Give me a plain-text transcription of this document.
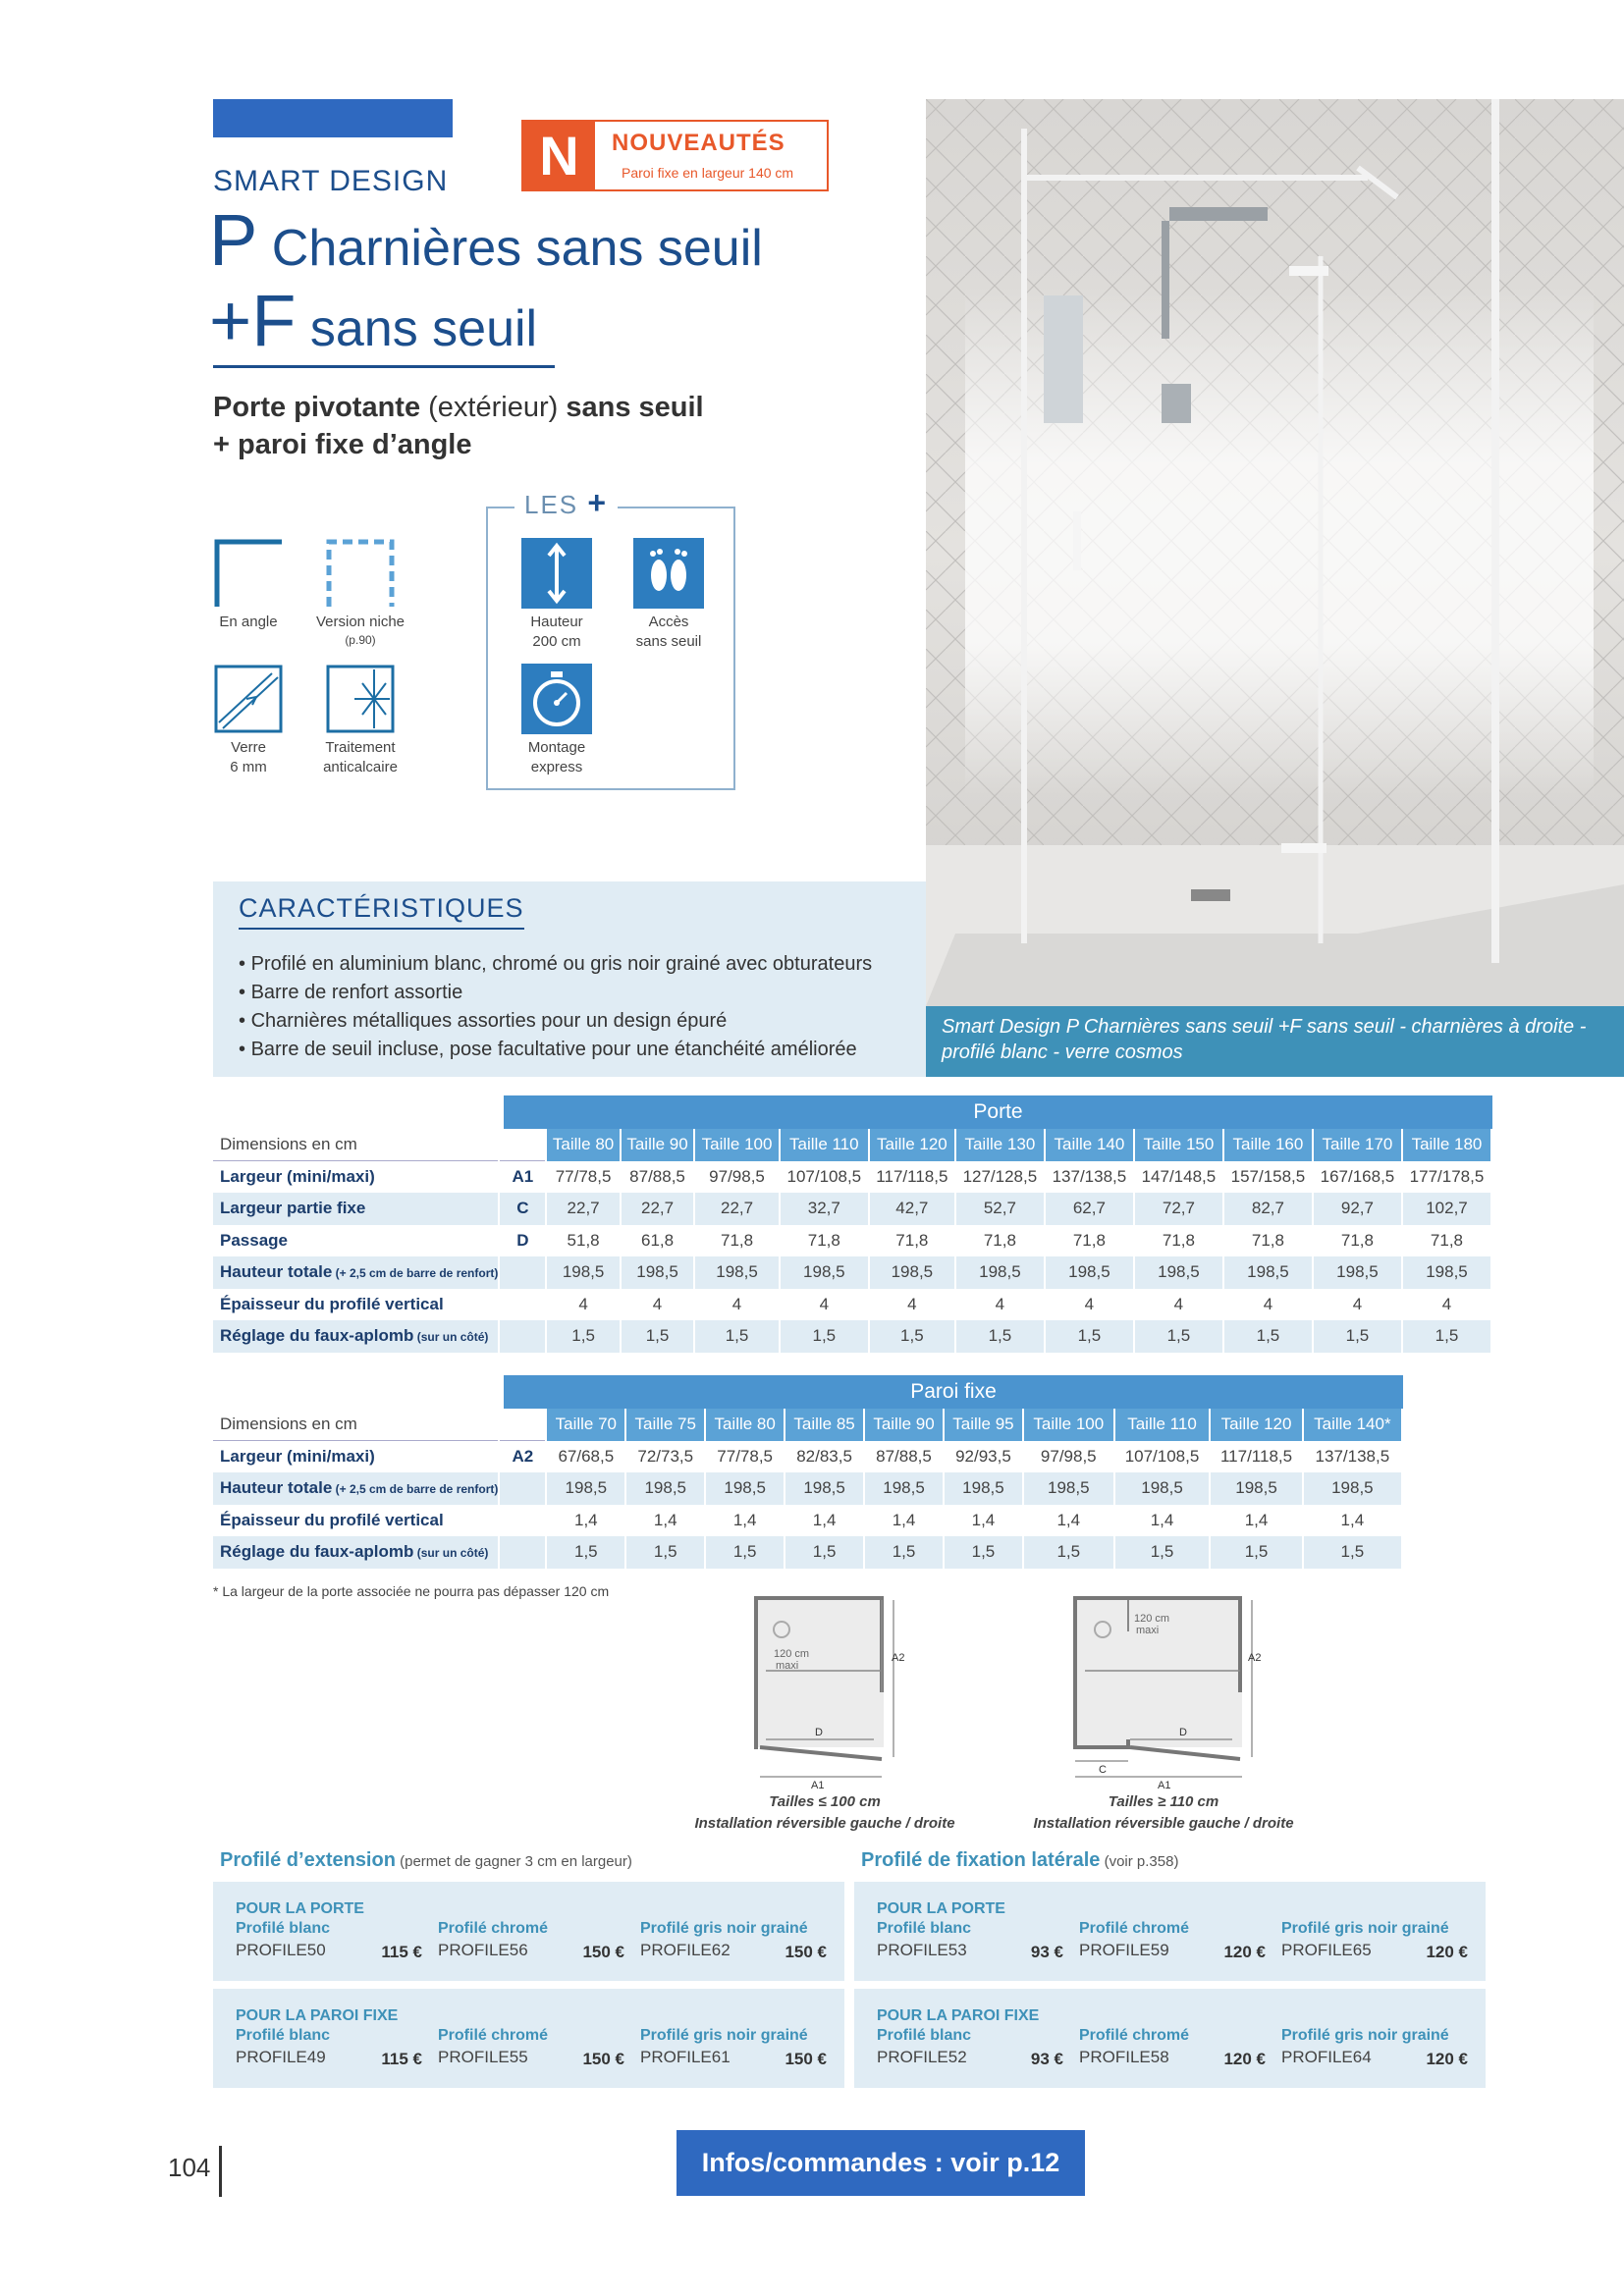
SMART DESIGN
P Charnières sans seuil
+F sans seuil
Porte pivotante (extérieur) sans seuil
+ paroi fixe d’angle
N	NOUVEAUTÉS
Paroi fixe en largeur 140 cm
En angle	Version niche
(p.90)
Verre
6 mm
Traitement
anticalcaire
LES +
Hauteur
200 cm
Accès
sans seuil
Montage
express
Smart Design P Charnières sans seuil +F sans seuil - charnières à droite - profilé blanc - verre cosmos
CARACTÉRISTIQUES
• Profilé en aluminium blanc, chromé ou gris noir grainé avec obturateurs
• Barre de renfort assortie
• Charnières métalliques assorties pour un design épuré
• Barre de seuil incluse, pose facultative pour une étanchéité améliorée
Porte
Dimensions en cm		Taille 80	Taille 90	Taille 100	Taille 110	Taille 120	Taille 130	Taille 140	Taille 150	Taille 160	Taille 170	Taille 180
Largeur (mini/maxi)	A1	77/78,5	87/88,5	97/98,5	107/108,5	117/118,5	127/128,5	137/138,5	147/148,5	157/158,5	167/168,5	177/178,5
Largeur partie fixe	C	22,7	22,7	22,7	32,7	42,7	52,7	62,7	72,7	82,7	92,7	102,7
Passage	D	51,8	61,8	71,8	71,8	71,8	71,8	71,8	71,8	71,8	71,8	71,8
Hauteur totale (+ 2,5 cm de barre de renfort)		198,5	198,5	198,5	198,5	198,5	198,5	198,5	198,5	198,5	198,5	198,5
Épaisseur du profilé vertical		4	4	4	4	4	4	4	4	4	4	4
Réglage du faux-aplomb (sur un côté)		1,5	1,5	1,5	1,5	1,5	1,5	1,5	1,5	1,5	1,5	1,5
Paroi fixe
Dimensions en cm		Taille 70	Taille 75	Taille 80	Taille 85	Taille 90	Taille 95	Taille 100	Taille 110	Taille 120	Taille 140*
Largeur (mini/maxi)	A2	67/68,5	72/73,5	77/78,5	82/83,5	87/88,5	92/93,5	97/98,5	107/108,5	117/118,5	137/138,5
Hauteur totale (+ 2,5 cm de barre de renfort)		198,5	198,5	198,5	198,5	198,5	198,5	198,5	198,5	198,5	198,5
Épaisseur du profilé vertical		1,4	1,4	1,4	1,4	1,4	1,4	1,4	1,4	1,4	1,4
Réglage du faux-aplomb (sur un côté)		1,5	1,5	1,5	1,5	1,5	1,5	1,5	1,5	1,5	1,5
* La largeur de la porte associée ne pourra pas dépasser 120 cm
120 cm
maxi
A2
D
A1
Tailles ≤ 100 cm
Installation réversible gauche / droite
120 cm
maxi
A2
D
C
A1
Tailles ≥ 110 cm
Installation réversible gauche / droite
Profilé d’extension (permet de gagner 3 cm en largeur)	Profilé de fixation latérale (voir p.358)
POUR LA PORTE
Profilé blanc
PROFILE50	115 €
Profilé chromé
PROFILE56	150 €
Profilé gris noir grainé
PROFILE62	150 €
POUR LA PAROI FIXE
Profilé blanc
PROFILE49	115 €
Profilé chromé
PROFILE55	150 €
Profilé gris noir grainé
PROFILE61	150 €
POUR LA PORTE
Profilé blanc
PROFILE53	93 €
Profilé chromé
PROFILE59	120 €
Profilé gris noir grainé
PROFILE65	120 €
POUR LA PAROI FIXE
Profilé blanc
PROFILE52	93 €
Profilé chromé
PROFILE58	120 €
Profilé gris noir grainé
PROFILE64	120 €
104	Infos/commandes : voir p.12
